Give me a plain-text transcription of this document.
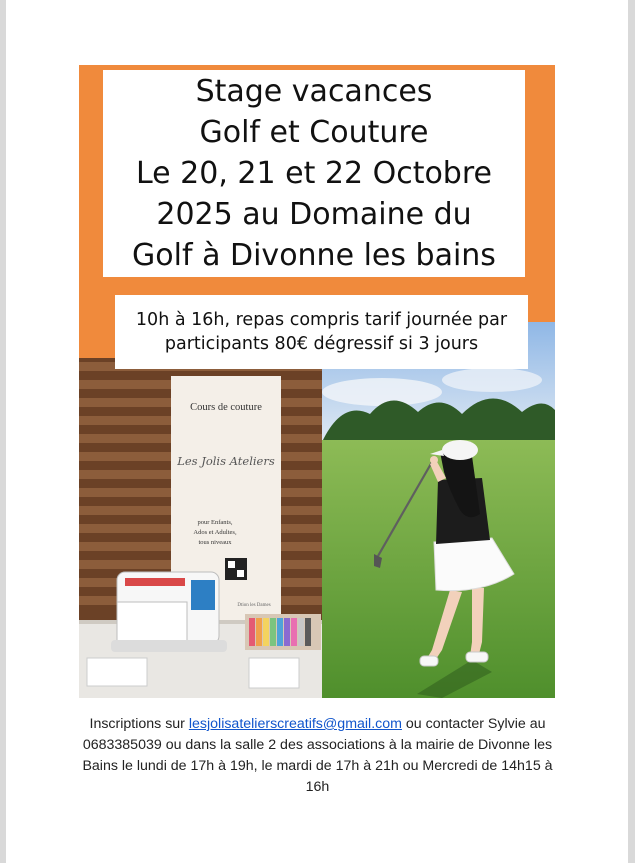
Stage vacances
Golf et Couture
Le 20, 21 et 22 Octobre
2025 au Domaine du
Golf à Divonne les bains
Cours de couture
Les Jolis Ateliers
pour Enfants,
Ados et Adultes,
tous niveaux
Dtion les Dames
10h à 16h, repas compris tarif journée par
participants 80€ dégressif si 3 jours
Inscriptions sur lesjolisatelierscreatifs@gmail.com ou contacter Sylvie au 0683385039 ou dans la salle 2 des associations à la mairie de Divonne les Bains le lundi de 17h à 19h, le mardi de 17h à 21h ou Mercredi de 14h15 à 16h
